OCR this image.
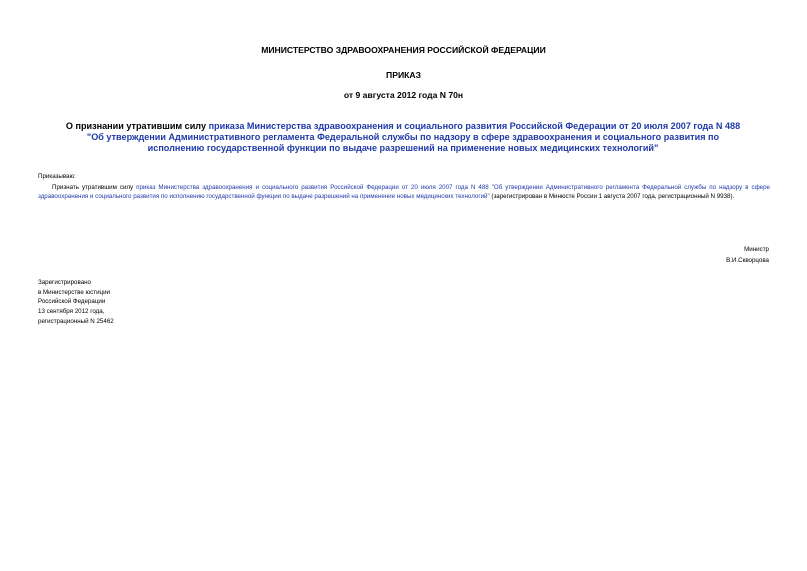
МИНИСТЕРСТВО ЗДРАВООХРАНЕНИЯ РОССИЙСКОЙ ФЕДЕРАЦИИ
ПРИКАЗ
от 9 августа 2012 года N 70н
О признании утратившим силу приказа Министерства здравоохранения и социального развития Российской Федерации от 20 июля 2007 года N 488 "Об утверждении Административного регламента Федеральной службы по надзору в сфере здравоохранения и социального развития по исполнению государственной функции по выдаче разрешений на применение новых медицинских технологий"
Приказываю:
Признать утратившим силу приказ Министерства здравоохранения и социального развития Российской Федерации от 20 июля 2007 года N 488 "Об утверждении Административного регламента Федеральной службы по надзору в сфере здравоохранения и социального развития по исполнению государственной функции по выдаче разрешений на применение новых медицинских технологий" (зарегистрирован в Минюсте России 1 августа 2007 года, регистрационный N 9938).
Министр
В.И.Скворцова
Зарегистрировано
в Министерстве юстиции
Российской Федерации
13 сентября 2012 года,
регистрационный N 25462
